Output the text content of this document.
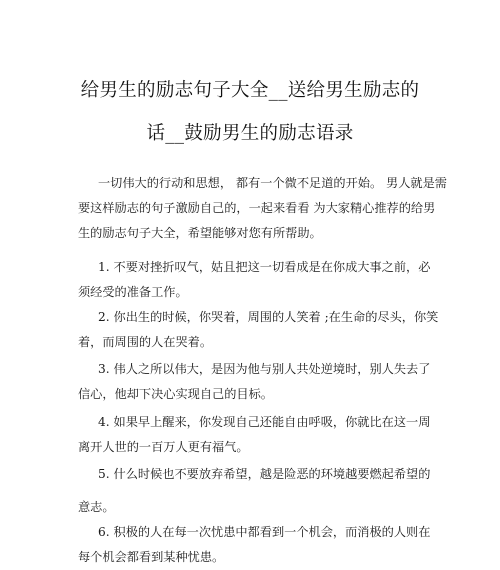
给男生的励志句子大全__送给男生励志的
话__鼓励男生的励志语录
一切伟大的行动和思想， 都有一个微不足道的开始。 男人就是需
要这样励志的句子激励自己的，一起来看看 为大家精心推荐的给男
生的励志句子大全，希望能够对您有所帮助。
1. 不要对挫折叹气，姑且把这一切看成是在你成大事之前，必
须经受的准备工作。
2. 你出生的时候，你哭着，周围的人笑着 ;在生命的尽头，你笑
着，而周围的人在哭着。
3. 伟人之所以伟大，是因为他与别人共处逆境时，别人失去了
信心，他却下决心实现自己的目标。
4. 如果早上醒来，你发现自己还能自由呼吸，你就比在这一周
离开人世的一百万人更有福气。
5. 什么时候也不要放弃希望，越是险恶的环境越要燃起希望的
意志。
6. 积极的人在每一次忧患中都看到一个机会，而消极的人则在
每个机会都看到某种忧患。
